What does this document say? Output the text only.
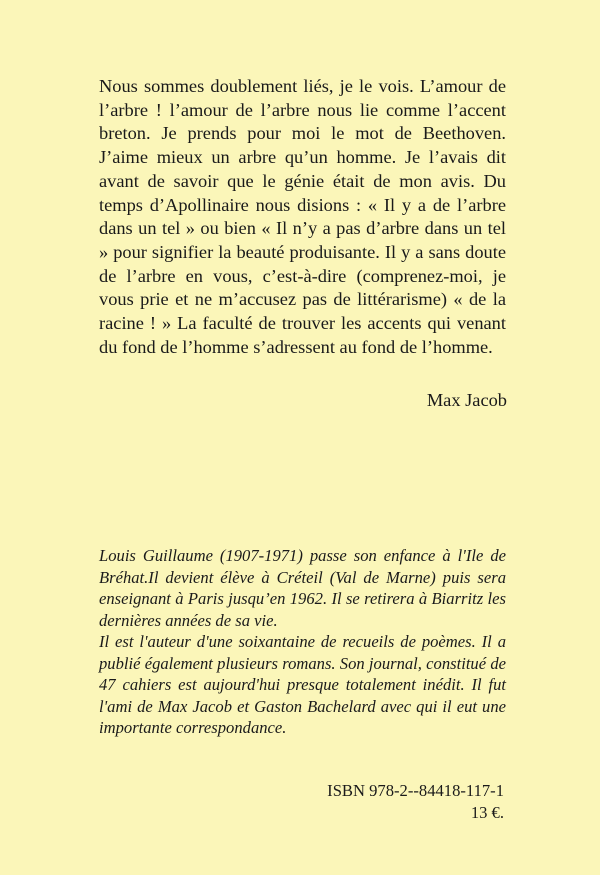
Nous sommes doublement liés, je le vois. L’amour de l’arbre ! l’amour de l’arbre nous lie comme l’accent breton. Je prends pour moi le mot de Beethoven. J’aime mieux un arbre qu’un homme. Je l’avais dit avant de savoir que le génie était de mon avis. Du temps d’Apollinaire nous disions : « Il y a de l’arbre dans un tel » ou bien « Il n’y a pas d’arbre dans un tel » pour signifier la beauté produisante. Il y a sans doute de l’arbre en vous, c’est-à-dire (comprenez-moi, je vous prie et ne m’accusez pas de littérarisme) « de la racine ! » La faculté de trouver les accents qui venant du fond de l’homme s’adressent au fond de l’homme.

Max Jacob

Louis Guillaume (1907-1971) passe son enfance à l'Ile de Bréhat.Il devient élève à Créteil (Val de Marne) puis sera enseignant à Paris jusqu’en 1962. Il se retirera à Biarritz les dernières années de sa vie.

Il est l'auteur d'une soixantaine de recueils de poèmes. Il a publié également plusieurs romans. Son journal, constitué de 47 cahiers est aujourd'hui presque totalement inédit. Il fut l'ami de Max Jacob et Gaston Bachelard avec qui il eut une importante correspondance.

ISBN 978-2--84418-117-1
13 €.
